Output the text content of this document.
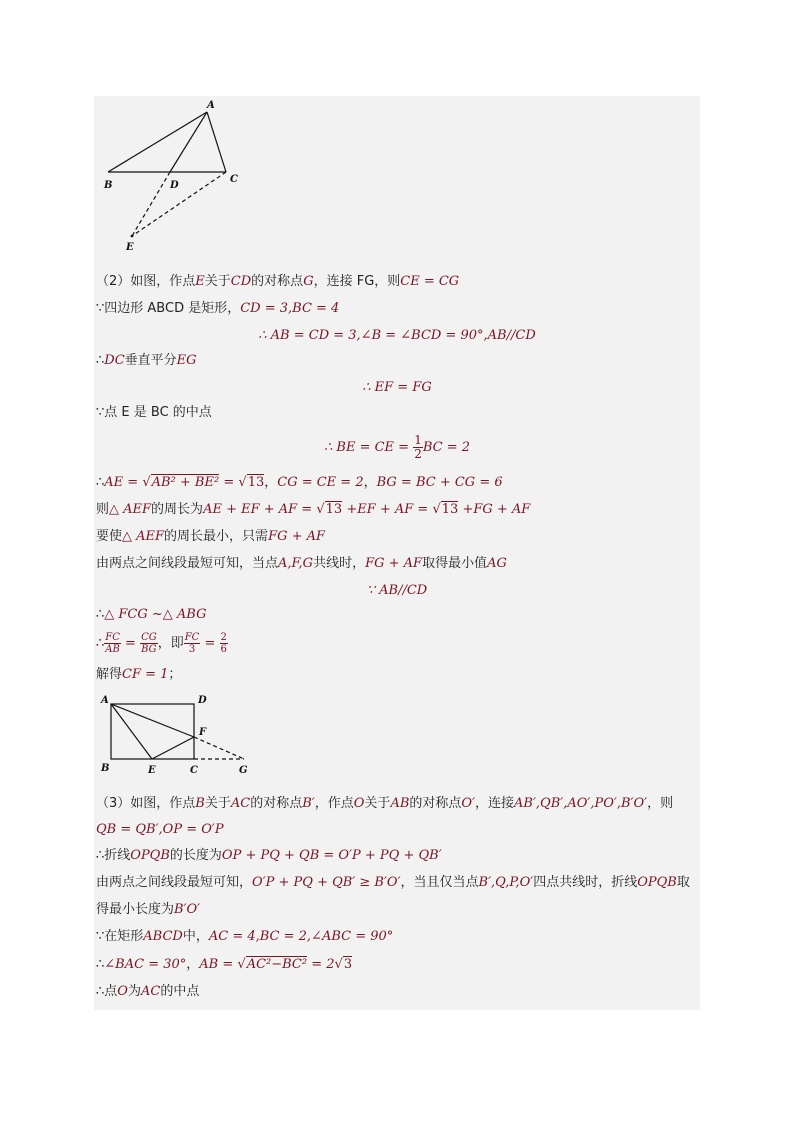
A
B
C
D
E
（2）如图，作点E关于CD的对称点G，连接 FG，则CE = CG
∵四边形 ABCD 是矩形，CD = 3,BC = 4
∴ AB = CD = 3,∠B = ∠BCD = 90°,AB//CD
∴DC垂直平分EG
∴ EF = FG
∵点 E 是 BC 的中点
∴ BE = CE = $\frac{1}{2}$ BC = 2
∴AE = √AB² + BE² = √13，CG = CE = 2，BG = BC + CG = 6
则△ AEF的周长为AE + EF + AF = √13 +EF + AF = √13 +FG + AF
要使△ AEF的周长最小，只需FG + AF
由两点之间线段最短可知，当点A,F,G共线时，FG + AF取得最小值AG
∵ AB//CD
∴△ FCG ~△ ABG
∴ $\frac{FC}{AB} = \frac{CG}{BG}$ ，即 $\frac{FC}{3} = \frac{2}{6}$
解得CF = 1；
A	D
F
B	E	C	G
（3）如图，作点B关于AC的对称点B′，作点O关于AB的对称点O′，连接AB′,QB′,AO′,PO′,B′O′，则
QB = QB′,OP = O′P
∴折线OPQB的长度为OP + PQ + QB = O′P + PQ + QB′
由两点之间线段最短可知，O′P + PQ + QB′ ≥ B′O′，当且仅当点B′,Q,P,O′四点共线时，折线OPQB取
得最小长度为B′O′
∵在矩形ABCD中，AC = 4,BC = 2,∠ABC = 90°
∴∠BAC = 30°，AB = √AC²−BC² = 2√3
∴点O为AC的中点
